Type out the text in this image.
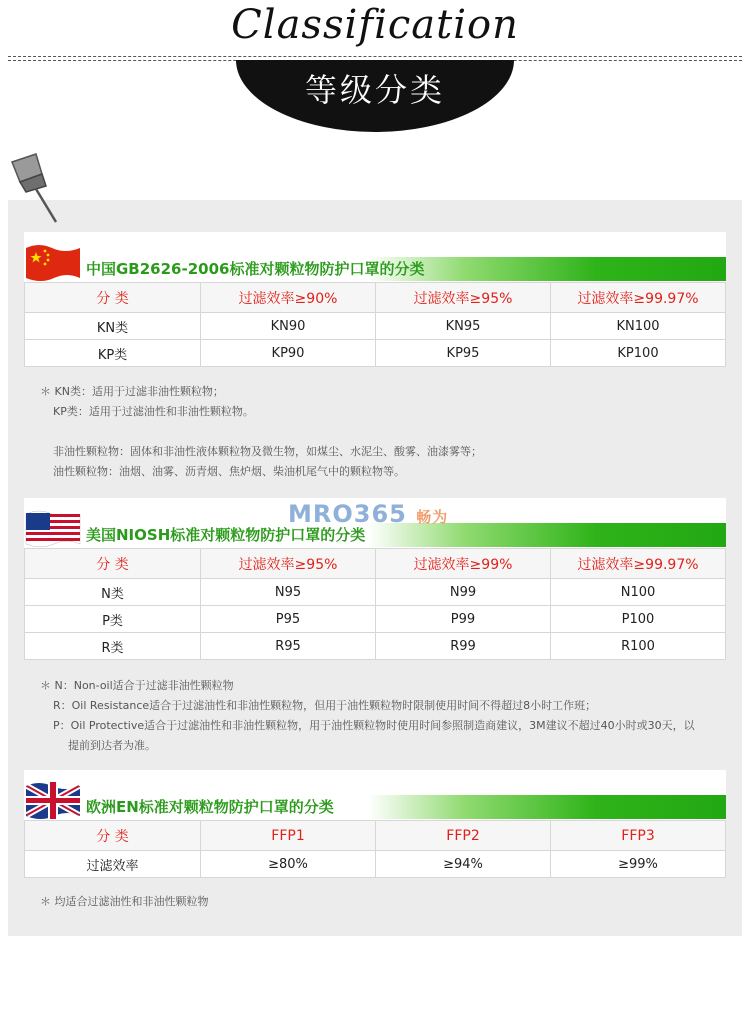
Classification
等级分类
中国GB2626-2006标准对颗粒物防护口罩的分类
分 类	过滤效率≥90%	过滤效率≥95%	过滤效率≥99.97%
KN类	KN90	KN95	KN100
KP类	KP90	KP95	KP100

＊ KN类：适用于过滤非油性颗粒物；

KP类：适用于过滤油性和非油性颗粒物。

非油性颗粒物：固体和非油性液体颗粒物及微生物，如煤尘、水泥尘、酸雾、油漆雾等；

油性颗粒物：油烟、油雾、沥青烟、焦炉烟、柴油机尾气中的颗粒物等。

美国NIOSH标准对颗粒物防护口罩的分类
分 类	过滤效率≥95%	过滤效率≥99%	过滤效率≥99.97%
N类	N95	N99	N100
P类	P95	P99	P100
R类	R95	R99	R100
MRO365 畅为

＊ N：Non-oil适合于过滤非油性颗粒物

R：Oil Resistance适合于过滤油性和非油性颗粒物，但用于油性颗粒物时限制使用时间不得超过8小时工作班；

P：Oil Protective适合于过滤油性和非油性颗粒物，用于油性颗粒物时使用时间参照制造商建议，3M建议不超过40小时或30天，以

提前到达者为准。

欧洲EN标准对颗粒物防护口罩的分类
分 类	FFP1	FFP2	FFP3
过滤效率	≥80%	≥94%	≥99%

＊ 均适合过滤油性和非油性颗粒物
